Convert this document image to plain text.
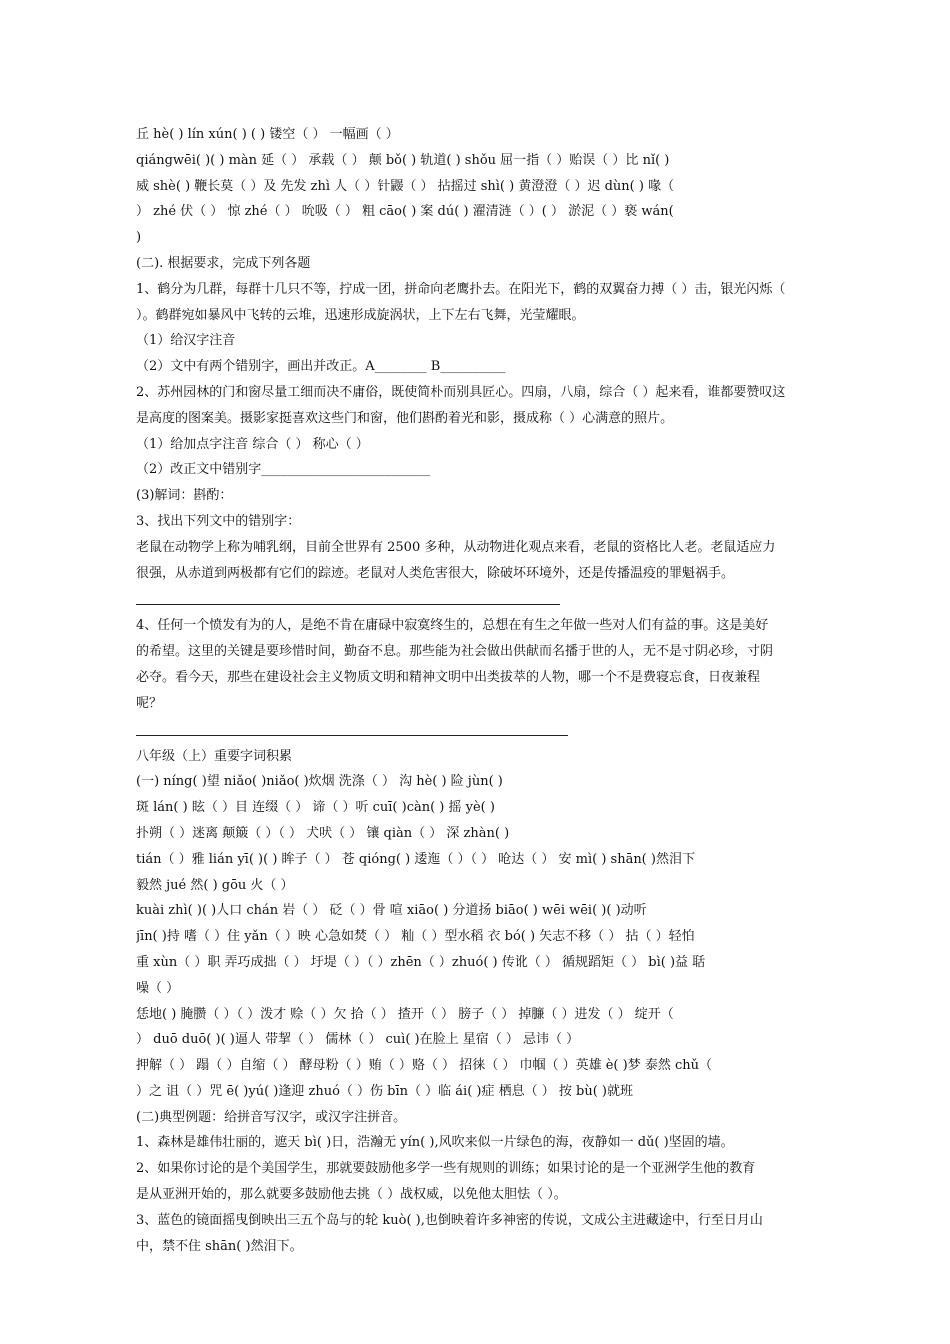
丘 hè( ) lín xún( ) ( ) 镂空（ ） 一幅画（ ）
qiángwēi( )( ) màn 延（ ） 承载（ ） 颠 bǒ( ) 轨道( ) shǒu 屈一指（ ）贻误（ ）比 nǐ( )
威 shè( ) 鞭长莫（ ）及 先发 zhì 人（ ）针鼹（ ） 拈摇过 shì( ) 黄澄澄（ ）迟 dùn( ) 喙（
） zhé 伏（ ） 惊 zhé（ ） 吮吸（ ） 粗 cāo( ) 案 dú( ) 濯清涟（ ）( ） 淤泥（ ）亵 wán(
)
(二). 根据要求，完成下列各题
1、鹤分为几群，每群十几只不等，拧成一团，拼命向老鹰扑去。在阳光下，鹤的双翼奋力搏（ ）击，银光闪烁（
）。鹤群宛如暴风中飞转的云堆，迅速形成旋涡状，上下左右飞舞，光莹耀眼。
（1）给汉字注音
（2）文中有两个错别字，画出并改正。A________ B__________
2、苏州园林的门和窗尽量工细而决不庸俗，既使简朴而别具匠心。四扇，八扇，综合（ ）起来看，谁都要赞叹这
是高度的图案美。摄影家挺喜欢这些门和窗，他们斟酌着光和影，摄成称（ ）心满意的照片。
（1）给加点字注音 综合（ ） 称心（ ）
（2）改正文中错别字__________________________
(3)解词：斟酌：
3、找出下列文中的错别字：
老鼠在动物学上称为哺乳纲，目前全世界有 2500 多种，从动物进化观点来看，老鼠的资格比人老。老鼠适应力
很强，从赤道到两极都有它们的踪迹。老鼠对人类危害很大，除破坏环境外，还是传播温疫的罪魁祸手。
4、任何一个愤发有为的人，是绝不肯在庸碌中寂寞终生的，总想在有生之年做一些对人们有益的事。这是美好
的希望。这里的关键是要珍惜时间，勤奋不息。那些能为社会做出供献而名播于世的人，无不是寸阴必珍，寸阴
必夺。看今天，那些在建设社会主义物质文明和精神文明中出类拔萃的人物，哪一个不是费寝忘食，日夜兼程
呢？
八年级（上）重要字词积累
(一) níng( )望 niǎo( )niǎo( )炊烟 洗涤（ ） 沟 hè( ) 险 jùn( )
斑 lán( ) 眩（ ）目 连缀（ ） 谛（ ）听 cuī( )càn( ) 摇 yè( )
扑朔（ ）迷离 颠簸（ ）（ ） 犬吠（ ） 镶 qiàn（ ） 深 zhàn( )
tián（ ）雅 lián yī( )( ) 眸子（ ） 苍 qióng( ) 逶迤（ ）（ ） 呛达（ ） 安 mì( ) shān( )然泪下
毅然 jué 然( ) gōu 火（ ）
kuài zhì( )( )人口 chán 岩（ ） 砭（ ）骨 喧 xiāo( ) 分道扬 biāo( ) wēi wēi( )( )动听
jīn( )持 嗜（ ）住 yǎn（ ）映 心急如焚（ ） 籼（ ）型水稻 衣 bó( ) 矢志不移（ ） 拈（ ）轻怕
重 xùn（ ）职 弄巧成拙（ ） 圩堤（ ）（ ）zhēn（ ）zhuó( ) 传讹（ ） 循规蹈矩（ ） bì( )益 聒
噪（ ）
恁地( ) 腌臜（ ）（ ）泼才 赊（ ）欠 拾（ ） 揸开（ ） 膀子（ ） 掉臁（ ）进发（ ） 绽开（
） duō duō( )( )逼人 带挈（ ） 儒林（ ） cuì( )在脸上 星宿（ ） 忌讳（ ）
押解（ ） 蹋（ ）自缩（ ） 酵母粉（ ）贿（ ）赂（ ） 招徕（ ） 巾帼（ ）英雄 è( )梦 泰然 chǔ（
）之 诅（ ）咒 ē( )yú( )逢迎 zhuó（ ）伤 bīn（ ）临 ái( )症 栖息（ ） 按 bù( )就班
(二)典型例题：给拼音写汉字，或汉字注拼音。
1、森林是雄伟壮丽的，遮天 bì( )日，浩瀚无 yín( ),风吹来似一片绿色的海，夜静如一 dǔ( )坚固的墙。
2、如果你讨论的是个美国学生，那就要鼓励他多学一些有规则的训练；如果讨论的是一个亚洲学生他的教育
是从亚洲开始的，那么就要多鼓励他去挑（ ）战权威，以免他太胆怯（ ）。
3、蓝色的镜面摇曳倒映出三五个岛与的轮 kuò( ),也倒映着许多神密的传说，文成公主进藏途中，行至日月山
中，禁不住 shān( )然泪下。
